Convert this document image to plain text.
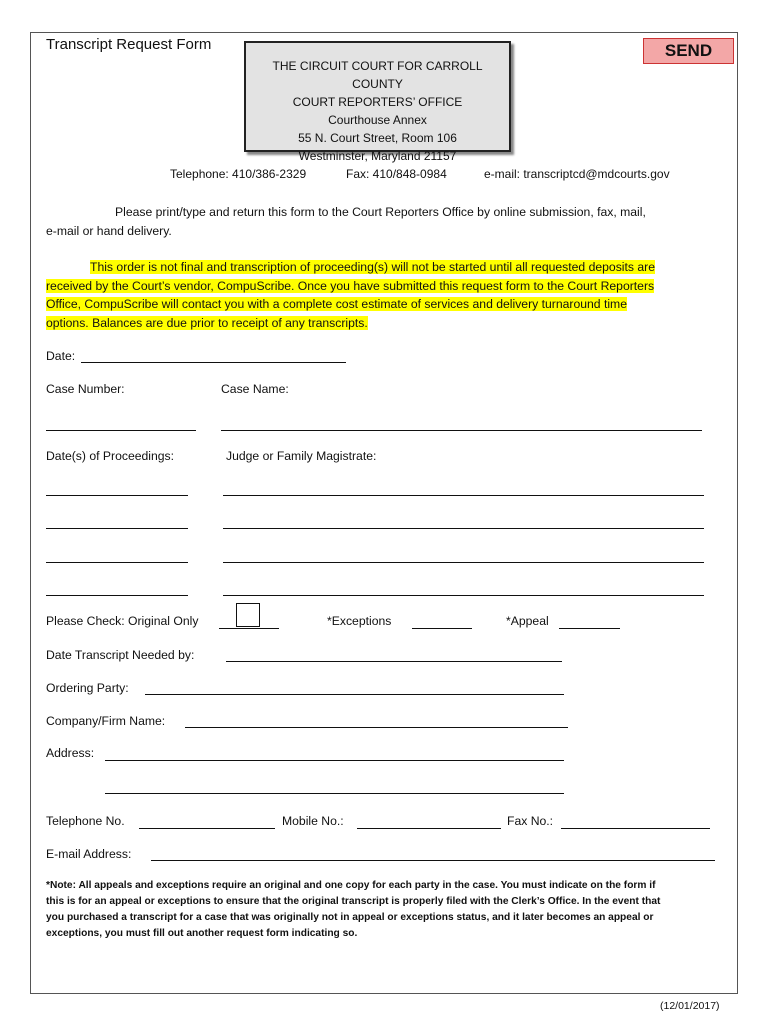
Transcript Request Form
THE CIRCUIT COURT FOR CARROLL COUNTY
COURT REPORTERS’ OFFICE
Courthouse Annex
55 N. Court Street, Room 106
Westminster, Maryland 21157
SEND
Telephone: 410/386-2329	Fax: 410/848-0984	e-mail: transcriptcd@mdcourts.gov
Please print/type and return this form to the Court Reporters Office by online submission, fax, mail,
e-mail or hand delivery.
This order is not final and transcription of proceeding(s) will not be started until all requested deposits are
received by the Court’s vendor, CompuScribe. Once you have submitted this request form to the Court Reporters
Office, CompuScribe will contact you with a complete cost estimate of services and delivery turnaround time
options. Balances are due prior to receipt of any transcripts.
Date:
Case Number:	Case Name:
Date(s) of Proceedings:	Judge or Family Magistrate:
Please Check: Original Only	*Exceptions	*Appeal
Date Transcript Needed by:
Ordering Party:
Company/Firm Name:
Address:
Telephone No.	Mobile No.:	Fax No.:
E-mail Address:
*Note: All appeals and exceptions require an original and one copy for each party in the case. You must indicate on the form if
this is for an appeal or exceptions to ensure that the original transcript is properly filed with the Clerk’s Office. In the event that
you purchased a transcript for a case that was originally not in appeal or exceptions status, and it later becomes an appeal or
exceptions, you must fill out another request form indicating so.
(12/01/2017)
